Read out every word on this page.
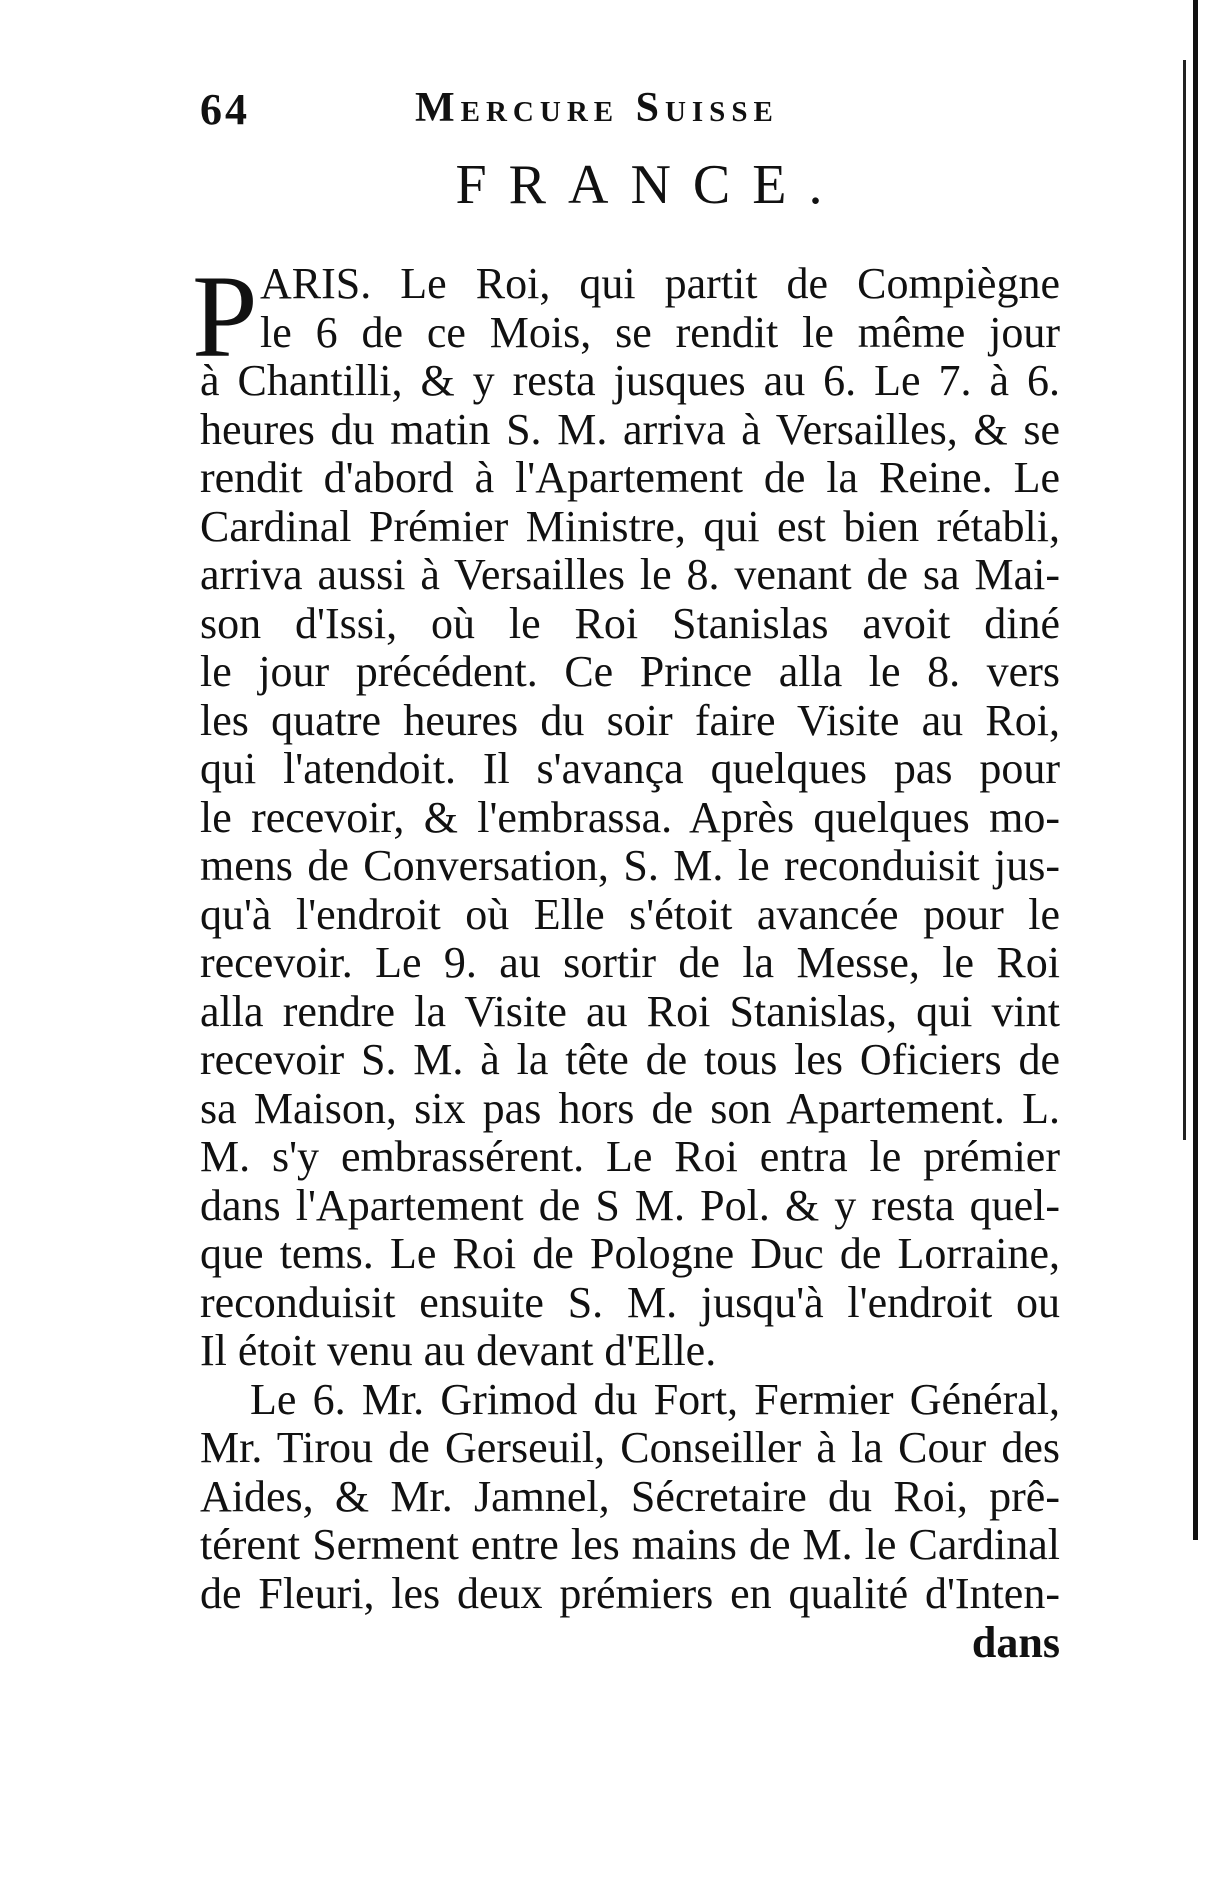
64	Mercure Suisse
FRANCE.
P ARIS. Le Roi, qui partit de Compiègne
le 6 de ce Mois, se rendit le même jour
à Chantilli, & y resta jusques au 6. Le 7. à 6.
heures du matin S. M. arriva à Versailles, & se
rendit d'abord à l'Apartement de la Reine. Le
Cardinal Prémier Ministre, qui est bien rétabli,
arriva aussi à Versailles le 8. venant de sa Mai-
son d'Issi, où le Roi Stanislas avoit diné
le jour précédent. Ce Prince alla le 8. vers
les quatre heures du soir faire Visite au Roi,
qui l'atendoit. Il s'avança quelques pas pour
le recevoir, & l'embrassa. Après quelques mo-
mens de Conversation, S. M. le reconduisit jus-
qu'à l'endroit où Elle s'étoit avancée pour le
recevoir. Le 9. au sortir de la Messe, le Roi
alla rendre la Visite au Roi Stanislas, qui vint
recevoir S. M. à la tête de tous les Oficiers de
sa Maison, six pas hors de son Apartement. L.
M. s'y embrassérent. Le Roi entra le prémier
dans l'Apartement de S M. Pol. & y resta quel-
que tems. Le Roi de Pologne Duc de Lorraine,
reconduisit ensuite S. M. jusqu'à l'endroit ou
Il étoit venu au devant d'Elle.
Le 6. Mr. Grimod du Fort, Fermier Général,
Mr. Tirou de Gerseuil, Conseiller à la Cour des
Aides, & Mr. Jamnel, Sécretaire du Roi, prê-
térent Serment entre les mains de M. le Cardinal
de Fleuri, les deux prémiers en qualité d'Inten-
dans
